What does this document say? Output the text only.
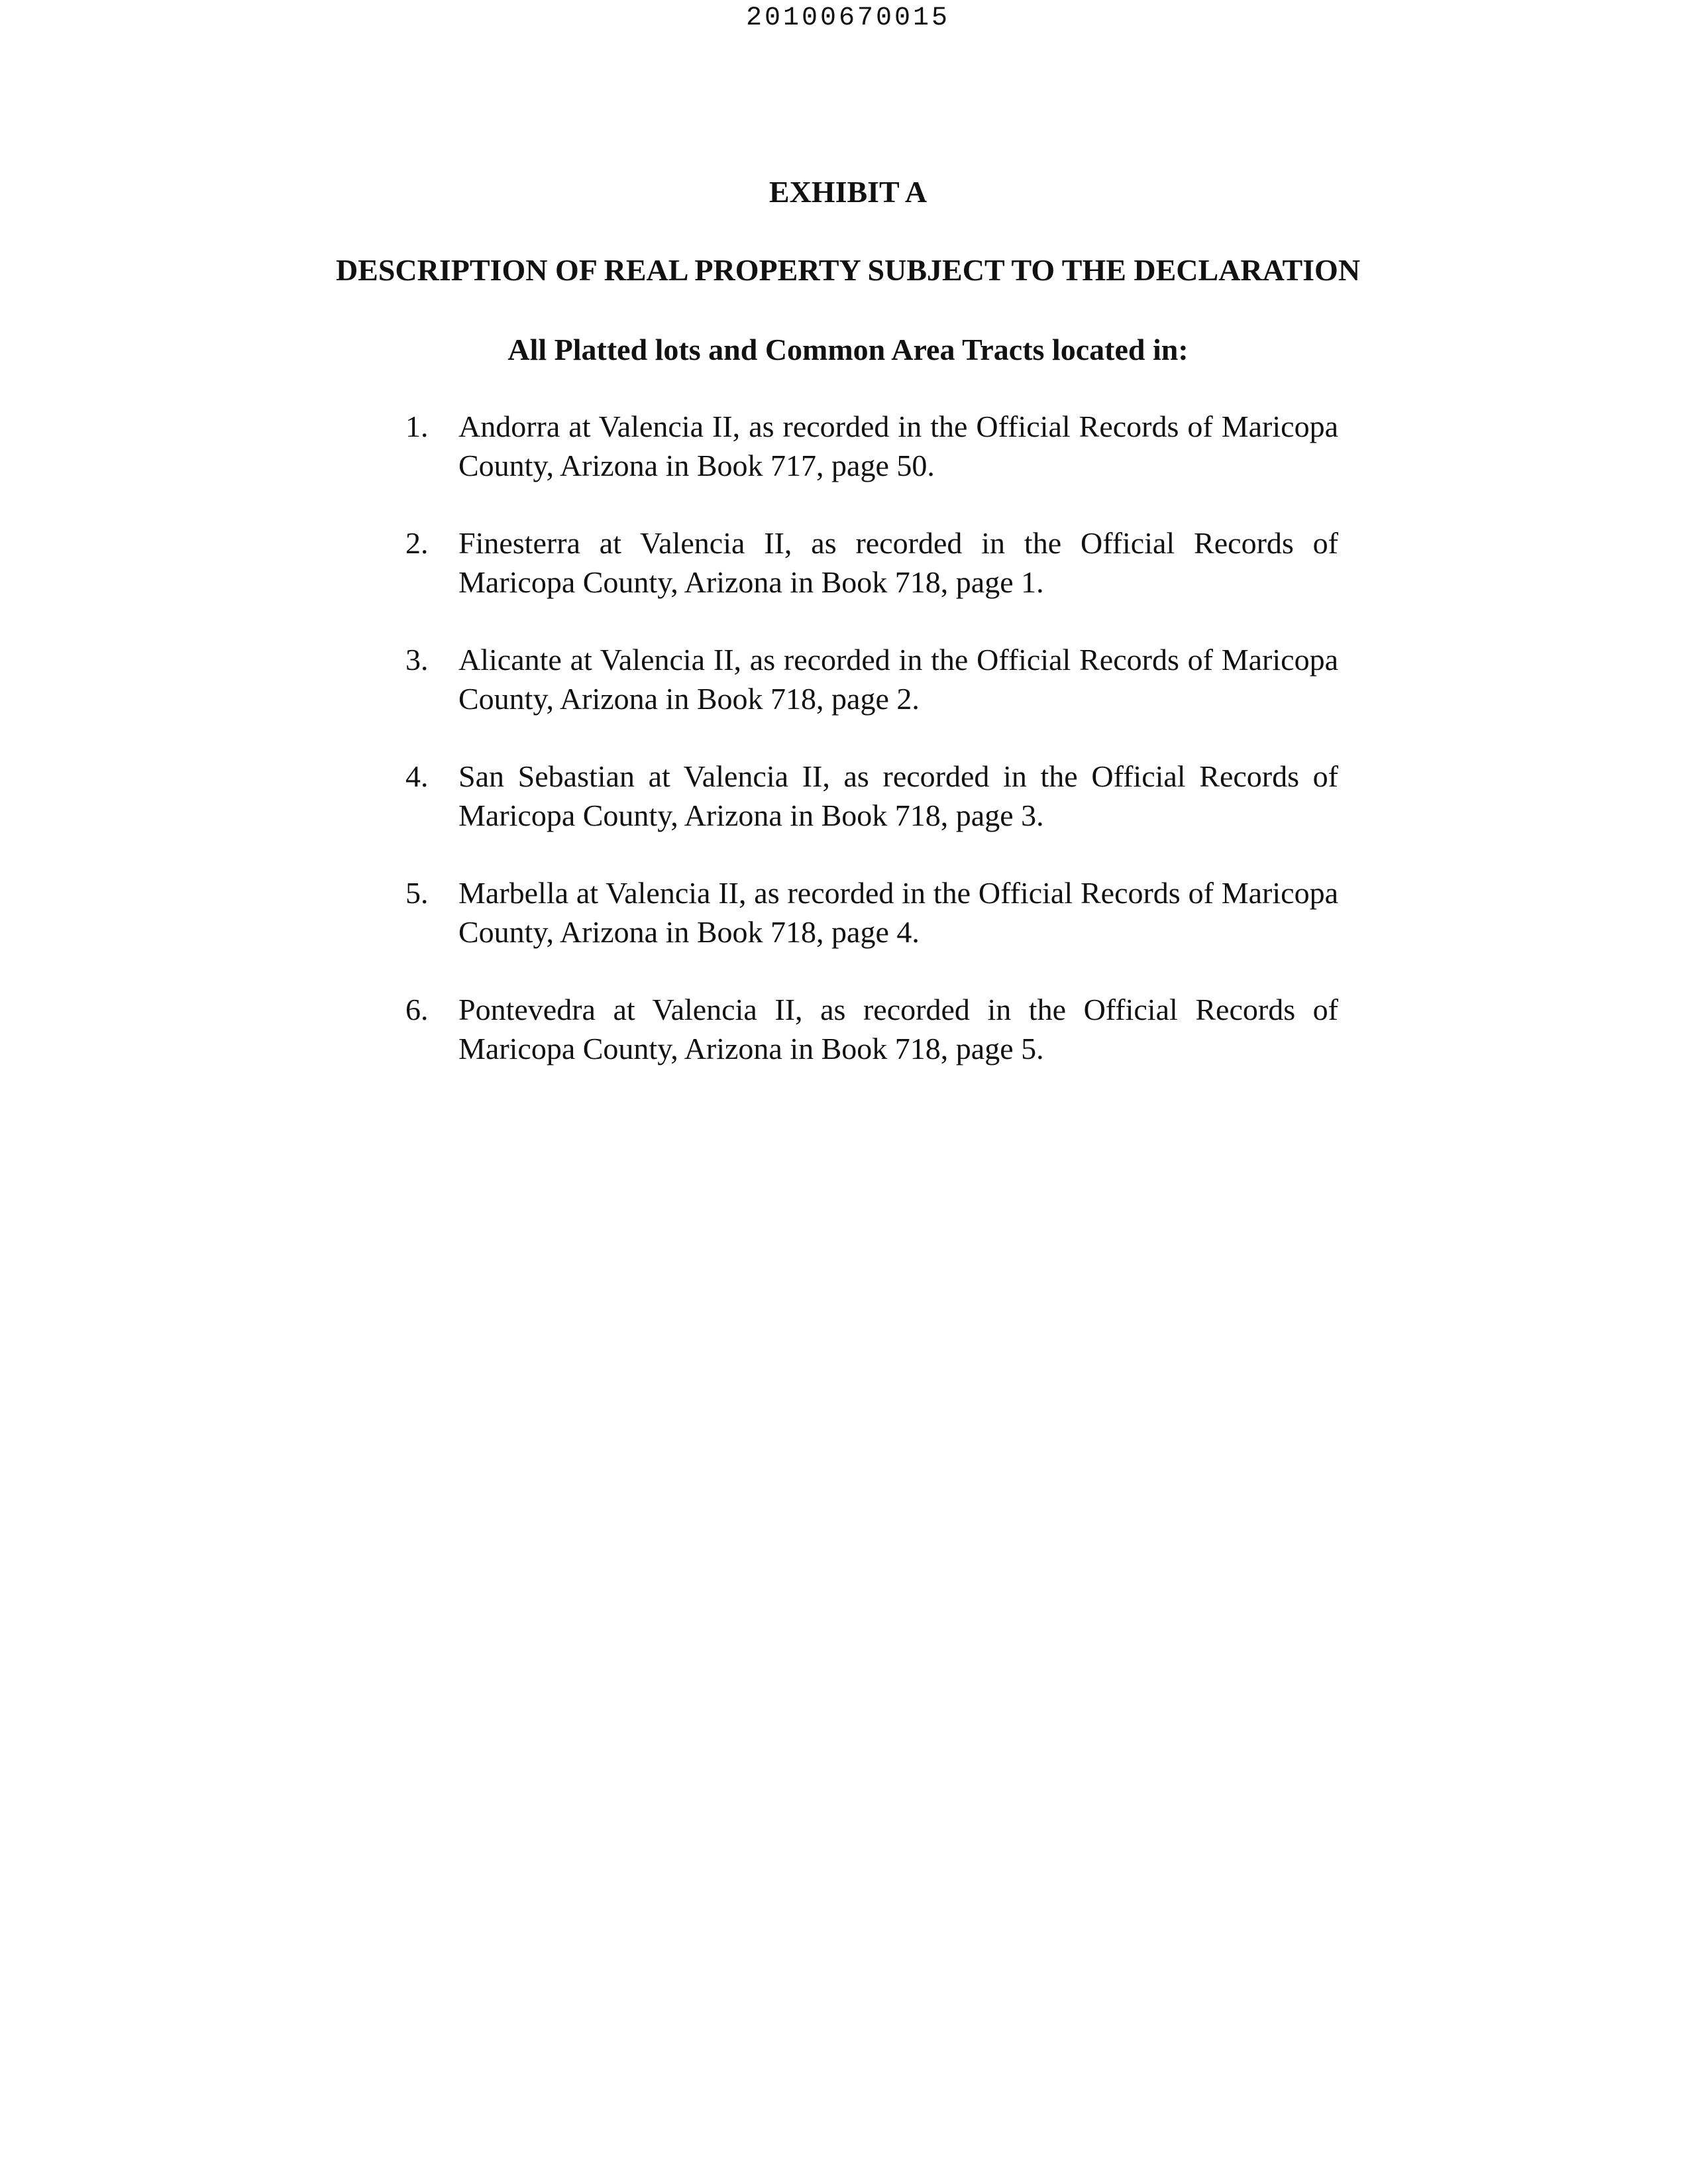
20100670015
EXHIBIT A
DESCRIPTION OF REAL PROPERTY SUBJECT TO THE DECLARATION
All Platted lots and Common Area Tracts located in:
1. Andorra at Valencia II, as recorded in the Official Records of Maricopa County, Arizona in Book 717, page 50.
2. Finesterra at Valencia II, as recorded in the Official Records of Maricopa County, Arizona in Book 718, page 1.
3. Alicante at Valencia II, as recorded in the Official Records of Maricopa County, Arizona in Book 718, page 2.
4. San Sebastian at Valencia II, as recorded in the Official Records of Maricopa County, Arizona in Book 718, page 3.
5. Marbella at Valencia II, as recorded in the Official Records of Maricopa County, Arizona in Book 718, page 4.
6. Pontevedra at Valencia II, as recorded in the Official Records of Maricopa County, Arizona in Book 718, page 5.
